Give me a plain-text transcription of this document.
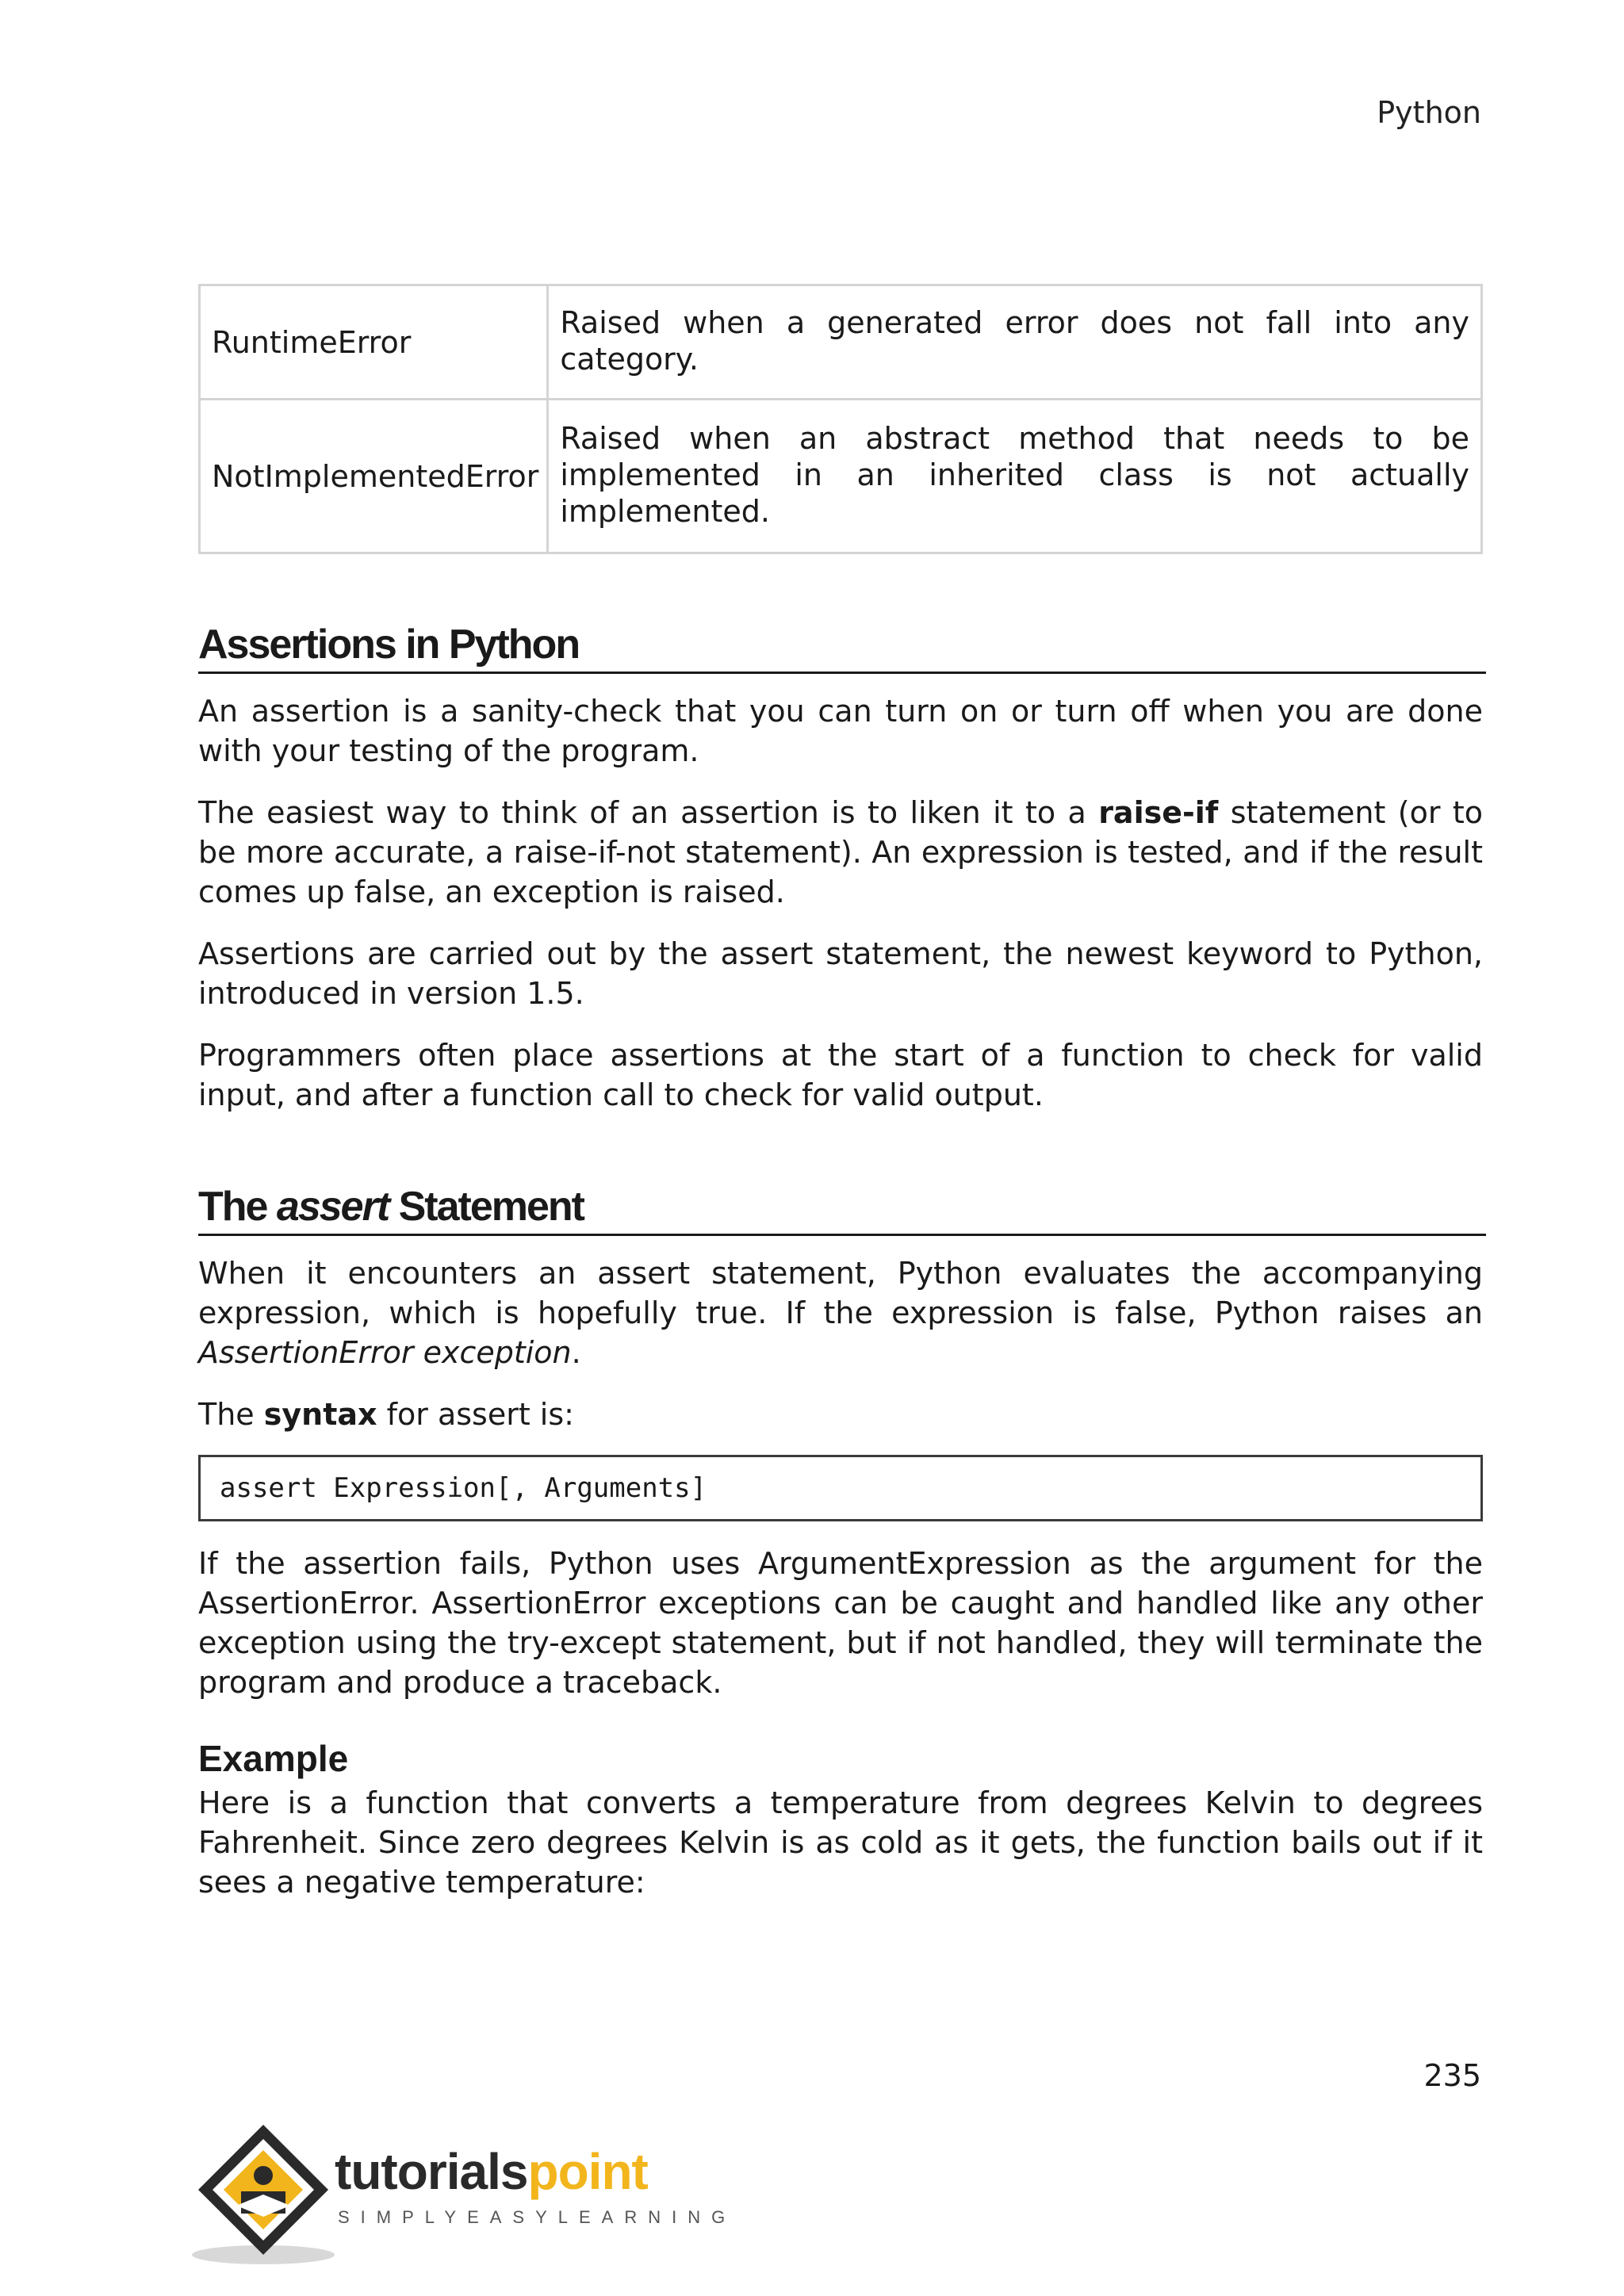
Python
RuntimeError	Raised when a generated error does not fall into any category.
NotImplementedError	Raised when an abstract method that needs to be implemented in an inherited class is not actually implemented.
Assertions in Python

An assertion is a sanity-check that you can turn on or turn off when you are done with your testing of the program.

The easiest way to think of an assertion is to liken it to a raise-if statement (or to be more accurate, a raise-if-not statement). An expression is tested, and if the result comes up false, an exception is raised.

Assertions are carried out by the assert statement, the newest keyword to Python, introduced in version 1.5.

Programmers often place assertions at the start of a function to check for valid input, and after a function call to check for valid output.

The assert Statement

When it encounters an assert statement, Python evaluates the accompanying expression, which is hopefully true. If the expression is false, Python raises an AssertionError exception.

The syntax for assert is:

assert Expression[, Arguments]

If the assertion fails, Python uses ArgumentExpression as the argument for the AssertionError. AssertionError exceptions can be caught and handled like any other exception using the try-except statement, but if not handled, they will terminate the program and produce a traceback.

Example

Here is a function that converts a temperature from degrees Kelvin to degrees Fahrenheit. Since zero degrees Kelvin is as cold as it gets, the function bails out if it sees a negative temperature:

235
tutorialspoint
SIMPLYEASYLEARNING
